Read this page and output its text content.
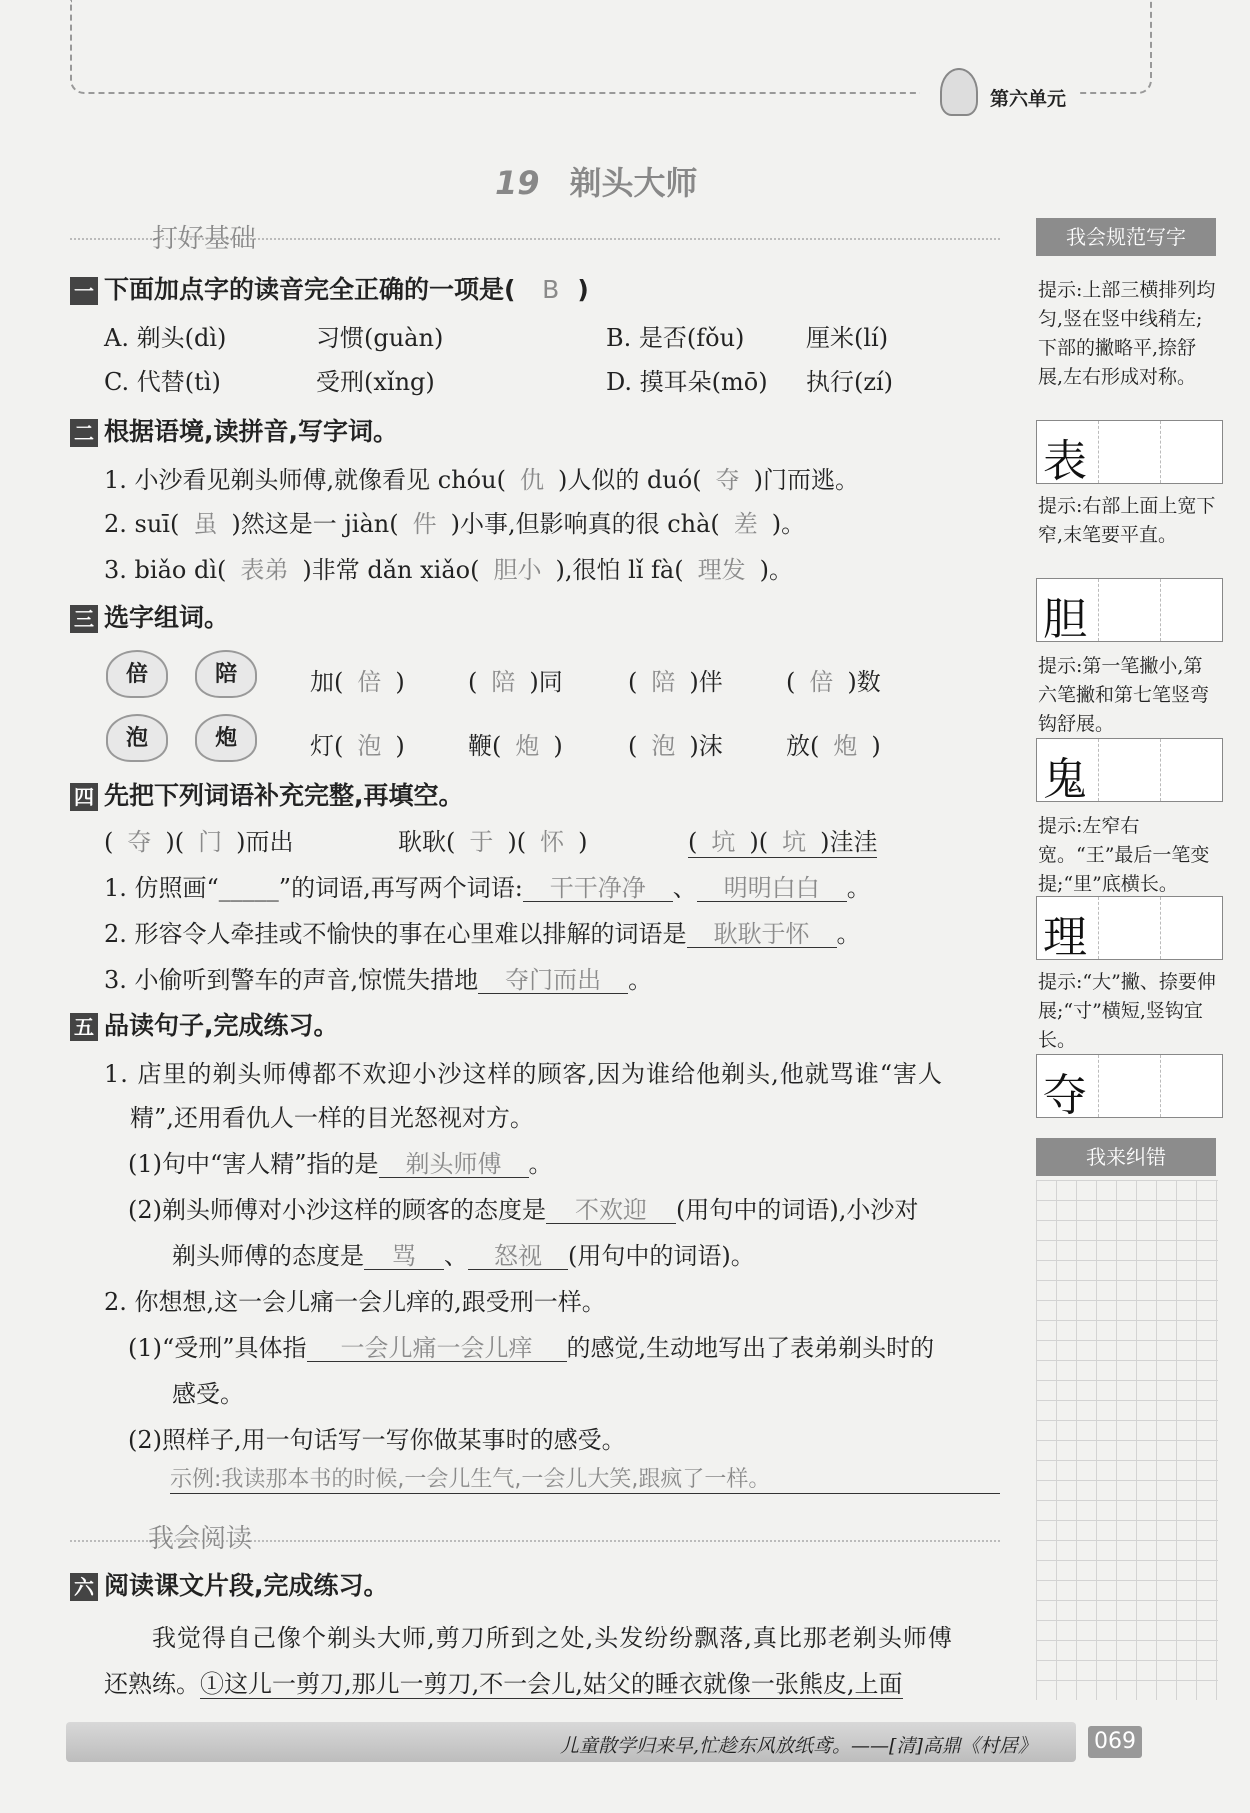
第六单元
19 剃头大师
打好基础
一 下面加点字的读音完全正确的一项是( B )
A. 剃头(dì)	习惯(guàn)	B. 是否(fǒu)	厘米(lí)
C. 代替(tì)	受刑(xǐng)	D. 摸耳朵(mō) 执行(zí)
二 根据语境,读拼音,写字词。
1. 小沙看见剃头师傅,就像看见 chóu( 仇 )人似的 duó( 夺 )门而逃。
2. suī( 虽 )然这是一 jiàn( 件 )小事,但影响真的很 chà( 差 )。
3. biǎo dì( 表弟 )非常 dǎn xiǎo( 胆小 ),很怕 lǐ fà( 理发 )。
三 选字组词。
倍	陪
泡	炮
加( 倍 )	( 陪 )同	( 陪 )伴	( 倍 )数
灯( 泡 )	鞭( 炮 )	( 泡 )沫	放( 炮 )
四 先把下列词语补充完整,再填空。
( 夺 )( 门 )而出	耿耿( 于 )( 怀 )	( 坑 )( 坑 )洼洼
1. 仿照画“_____”的词语,再写两个词语: 干干净净 、 明明白白 。
2. 形容令人牵挂或不愉快的事在心里难以排解的词语是 耿耿于怀 。
3. 小偷听到警车的声音,惊慌失措地 夺门而出 。
五 品读句子,完成练习。
1. 店里的剃头师傅都不欢迎小沙这样的顾客,因为谁给他剃头,他就骂谁“害人
精”,还用看仇人一样的目光怒视对方。
(1)句中“害人精”指的是 剃头师傅 。
(2)剃头师傅对小沙这样的顾客的态度是 不欢迎 (用句中的词语),小沙对
剃头师傅的态度是 骂 、 怒视 (用句中的词语)。
2. 你想想,这一会儿痛一会儿痒的,跟受刑一样。
(1)“受刑”具体指 一会儿痛一会儿痒 的感觉,生动地写出了表弟剃头时的
感受。
(2)照样子,用一句话写一写你做某事时的感受。
示例:我读那本书的时候,一会儿生气,一会儿大笑,跟疯了一样。
我会阅读
六 阅读课文片段,完成练习。
我觉得自己像个剃头大师,剪刀所到之处,头发纷纷飘落,真比那老剃头师傅
还熟练。①这儿一剪刀,那儿一剪刀,不一会儿,姑父的睡衣就像一张熊皮,上面
儿童散学归来早,忙趁东风放纸鸢。——[清]高鼎《村居》	069
我会规范写字
提示:上部三横排列均匀,竖在竖中线稍左;下部的撇略平,捺舒展,左右形成对称。
表
提示:右部上面上宽下窄,末笔要平直。
胆
提示:第一笔撇小,第六笔撇和第七笔竖弯钩舒展。
鬼
提示:左窄右宽。“王”最后一笔变提;“里”底横长。
理
提示:“大”撇、捺要伸展;“寸”横短,竖钩宜长。
夺
我来纠错
